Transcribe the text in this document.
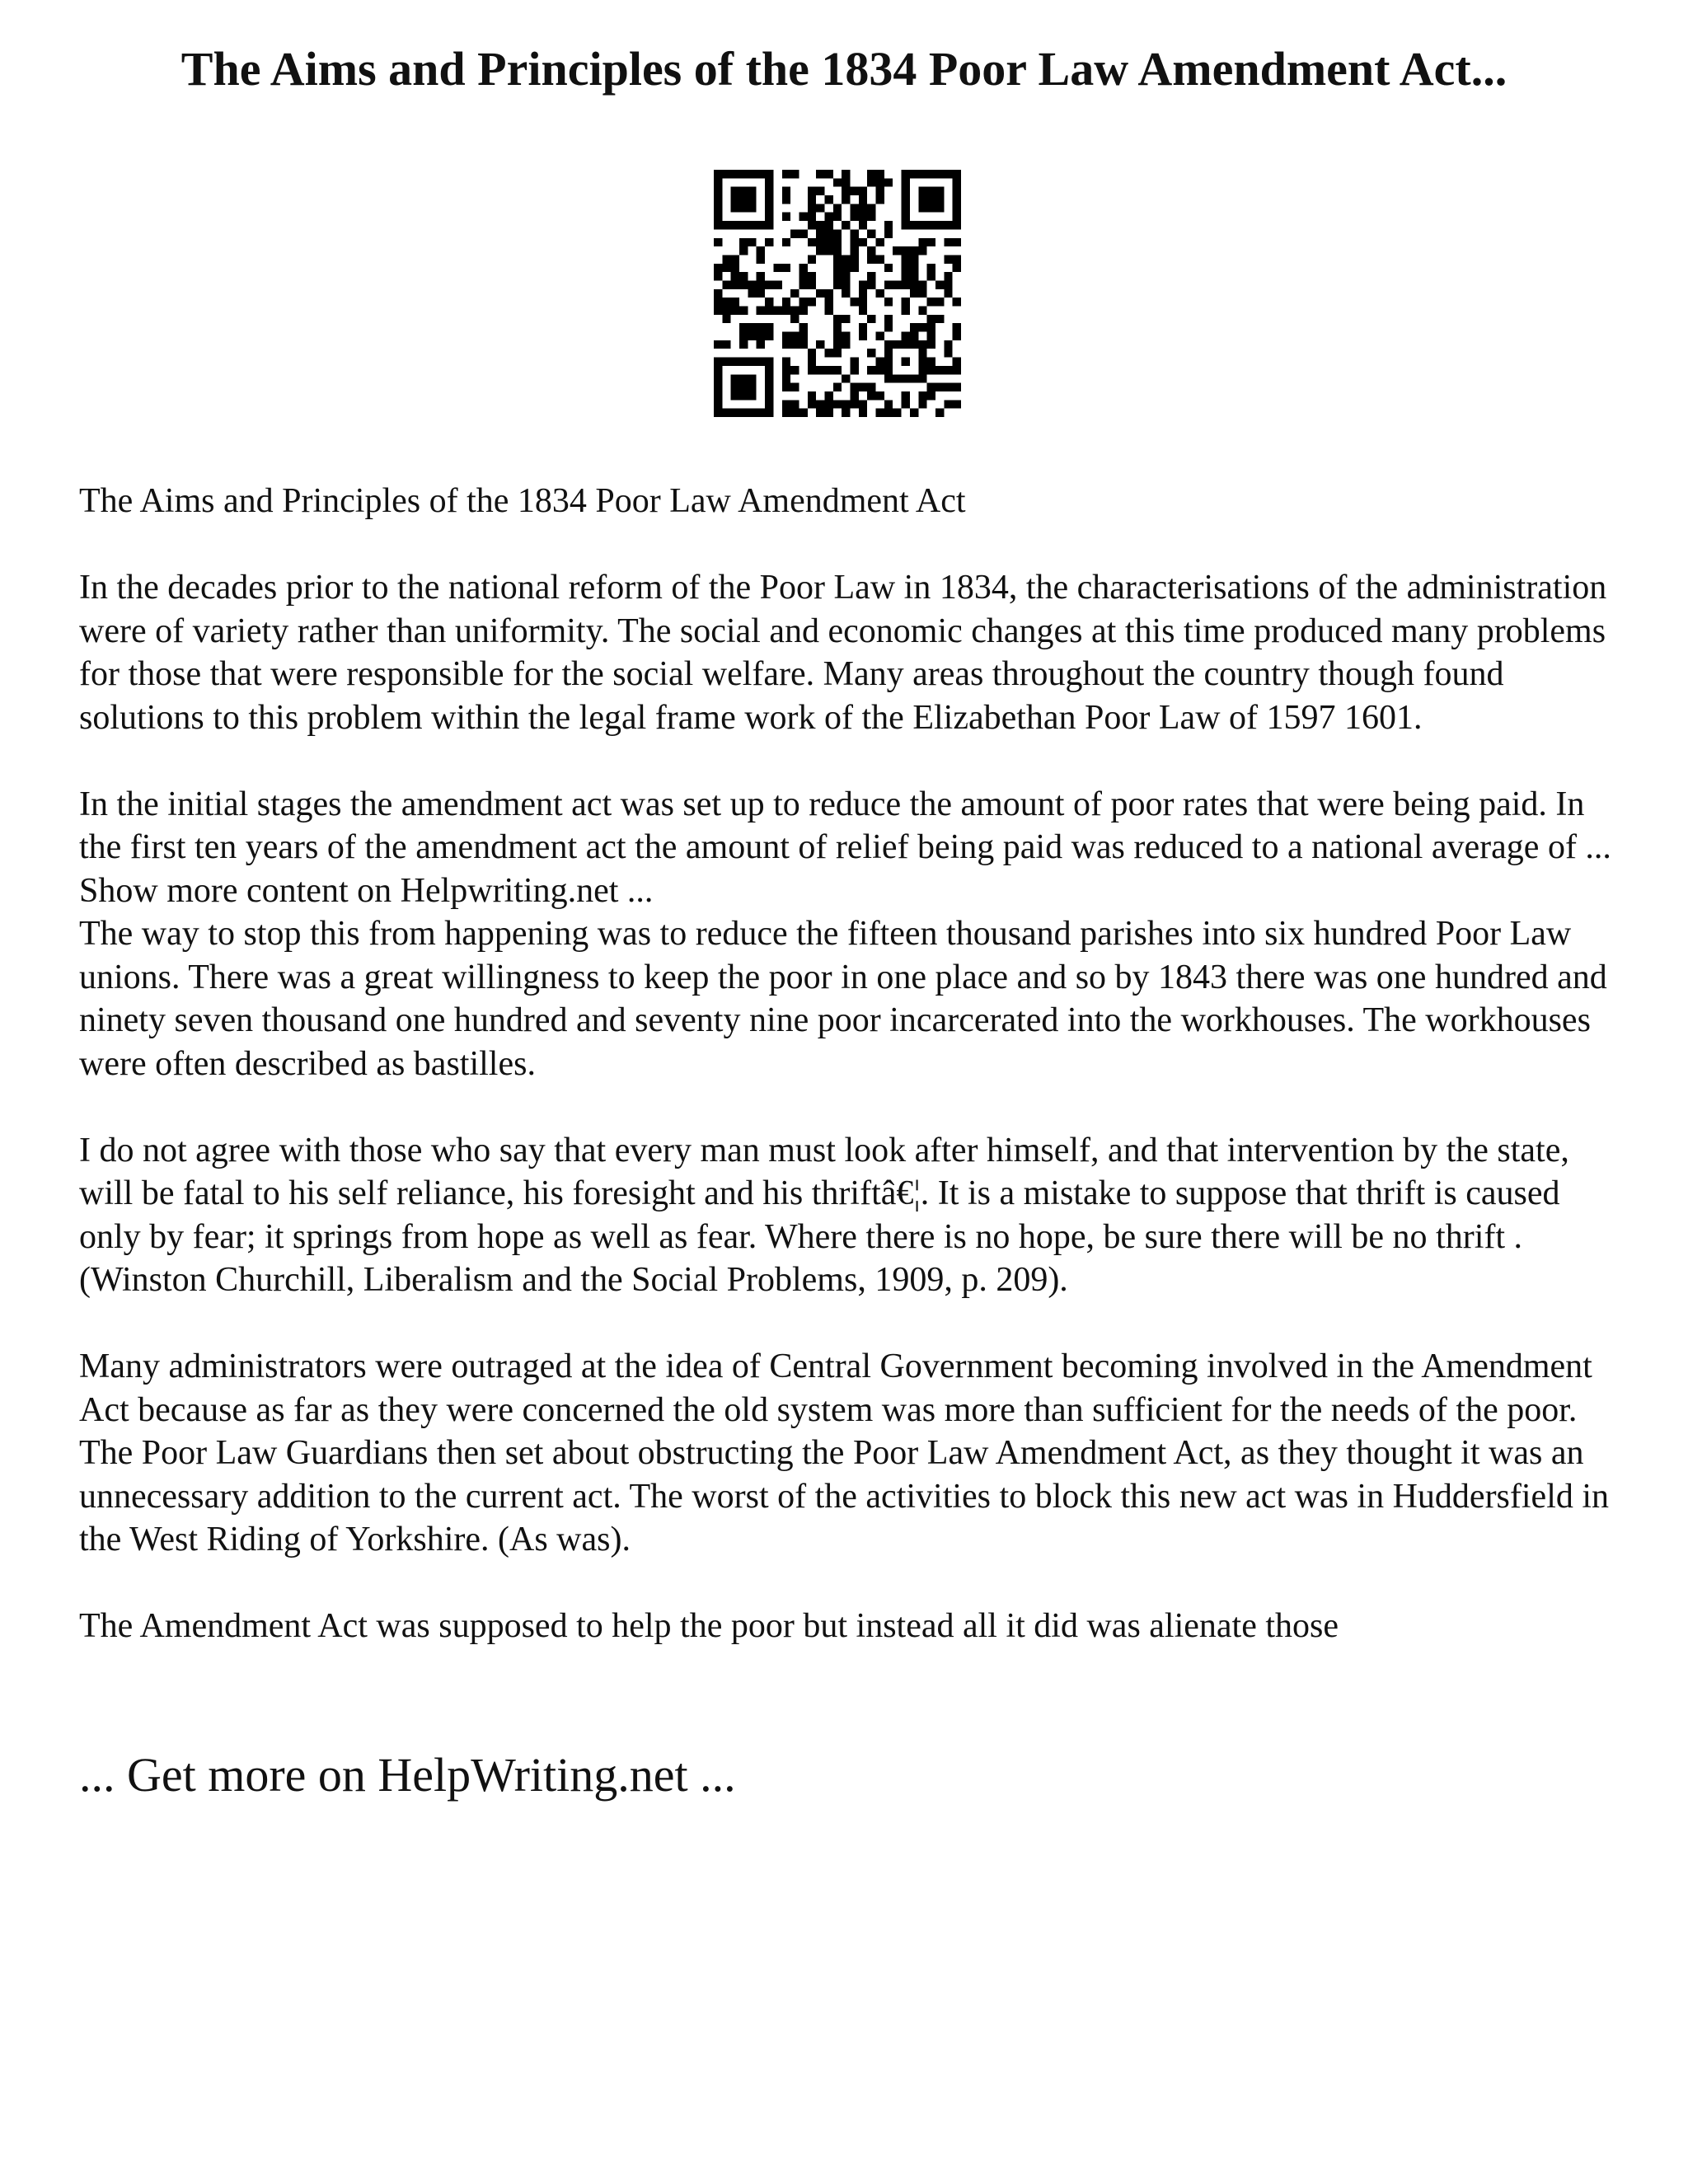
The Aims and Principles of the 1834 Poor Law Amendment Act...

The Aims and Principles of the 1834 Poor Law Amendment Act

In the decades prior to the national reform of the Poor Law in 1834, the characterisations of the administration were of variety rather than uniformity. The social and economic changes at this time produced many problems for those that were responsible for the social welfare. Many areas throughout the country though found solutions to this problem within the legal frame work of the Elizabethan Poor Law of 1597 1601.

In the initial stages the amendment act was set up to reduce the amount of poor rates that were being paid. In the first ten years of the amendment act the amount of relief being paid was reduced to a national average of ... Show more content on Helpwriting.net ...

The way to stop this from happening was to reduce the fifteen thousand parishes into six hundred Poor Law unions. There was a great willingness to keep the poor in one place and so by 1843 there was one hundred and ninety seven thousand one hundred and seventy nine poor incarcerated into the workhouses. The workhouses were often described as bastilles.

I do not agree with those who say that every man must look after himself, and that intervention by the state, will be fatal to his self reliance, his foresight and his thriftâ€¦. It is a mistake to suppose that thrift is caused only by fear; it springs from hope as well as fear. Where there is no hope, be sure there will be no thrift . (Winston Churchill, Liberalism and the Social Problems, 1909, p. 209).

Many administrators were outraged at the idea of Central Government becoming involved in the Amendment Act because as far as they were concerned the old system was more than sufficient for the needs of the poor. The Poor Law Guardians then set about obstructing the Poor Law Amendment Act, as they thought it was an unnecessary addition to the current act. The worst of the activities to block this new act was in Huddersfield in the West Riding of Yorkshire. (As was).

The Amendment Act was supposed to help the poor but instead all it did was alienate those

... Get more on HelpWriting.net ...
